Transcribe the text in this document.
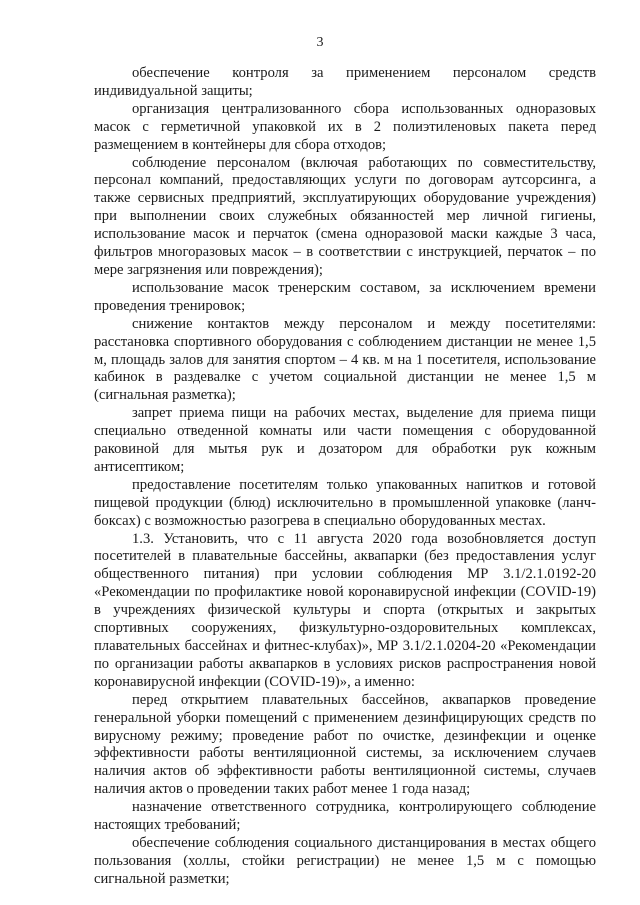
3

обеспечение контроля за применением персоналом средств индивидуальной защиты;

организация централизованного сбора использованных одноразовых масок с герметичной упаковкой их в 2 полиэтиленовых пакета перед размещением в контейнеры для сбора отходов;

соблюдение персоналом (включая работающих по совместительству, персонал компаний, предоставляющих услуги по договорам аутсорсинга, а также сервисных предприятий, эксплуатирующих оборудование учреждения) при выполнении своих служебных обязанностей мер личной гигиены, использование масок и перчаток (смена одноразовой маски каждые 3 часа, фильтров многоразовых масок – в соответствии с инструкцией, перчаток – по мере загрязнения или повреждения);

использование масок тренерским составом, за исключением времени проведения тренировок;

снижение контактов между персоналом и между посетителями: расстановка спортивного оборудования с соблюдением дистанции не менее 1,5 м, площадь залов для занятия спортом – 4 кв. м на 1 посетителя, использование кабинок в раздевалке с учетом социальной дистанции не менее 1,5 м (сигнальная разметка);

запрет приема пищи на рабочих местах, выделение для приема пищи специально отведенной комнаты или части помещения с оборудованной раковиной для мытья рук и дозатором для обработки рук кожным антисептиком;

предоставление посетителям только упакованных напитков и готовой пищевой продукции (блюд) исключительно в промышленной упаковке (ланч-боксах) с возможностью разогрева в специально оборудованных местах.

1.3. Установить, что с 11 августа 2020 года возобновляется доступ посетителей в плавательные бассейны, аквапарки (без предоставления услуг общественного питания) при условии соблюдения МР 3.1/2.1.0192-20 «Рекомендации по профилактике новой коронавирусной инфекции (COVID-19) в учреждениях физической культуры и спорта (открытых и закрытых спортивных сооружениях, физкультурно-оздоровительных комплексах, плавательных бассейнах и фитнес-клубах)», МР 3.1/2.1.0204-20 «Рекомендации по организации работы аквапарков в условиях рисков распространения новой коронавирусной инфекции (COVID-19)», а именно:

перед открытием плавательных бассейнов, аквапарков проведение генеральной уборки помещений с применением дезинфицирующих средств по вирусному режиму; проведение работ по очистке, дезинфекции и оценке эффективности работы вентиляционной системы, за исключением случаев наличия актов об эффективности работы вентиляционной системы, случаев наличия актов о проведении таких работ менее 1 года назад;

назначение ответственного сотрудника, контролирующего соблюдение настоящих требований;

обеспечение соблюдения социального дистанцирования в местах общего пользования (холлы, стойки регистрации) не менее 1,5 м с помощью сигнальной разметки;
